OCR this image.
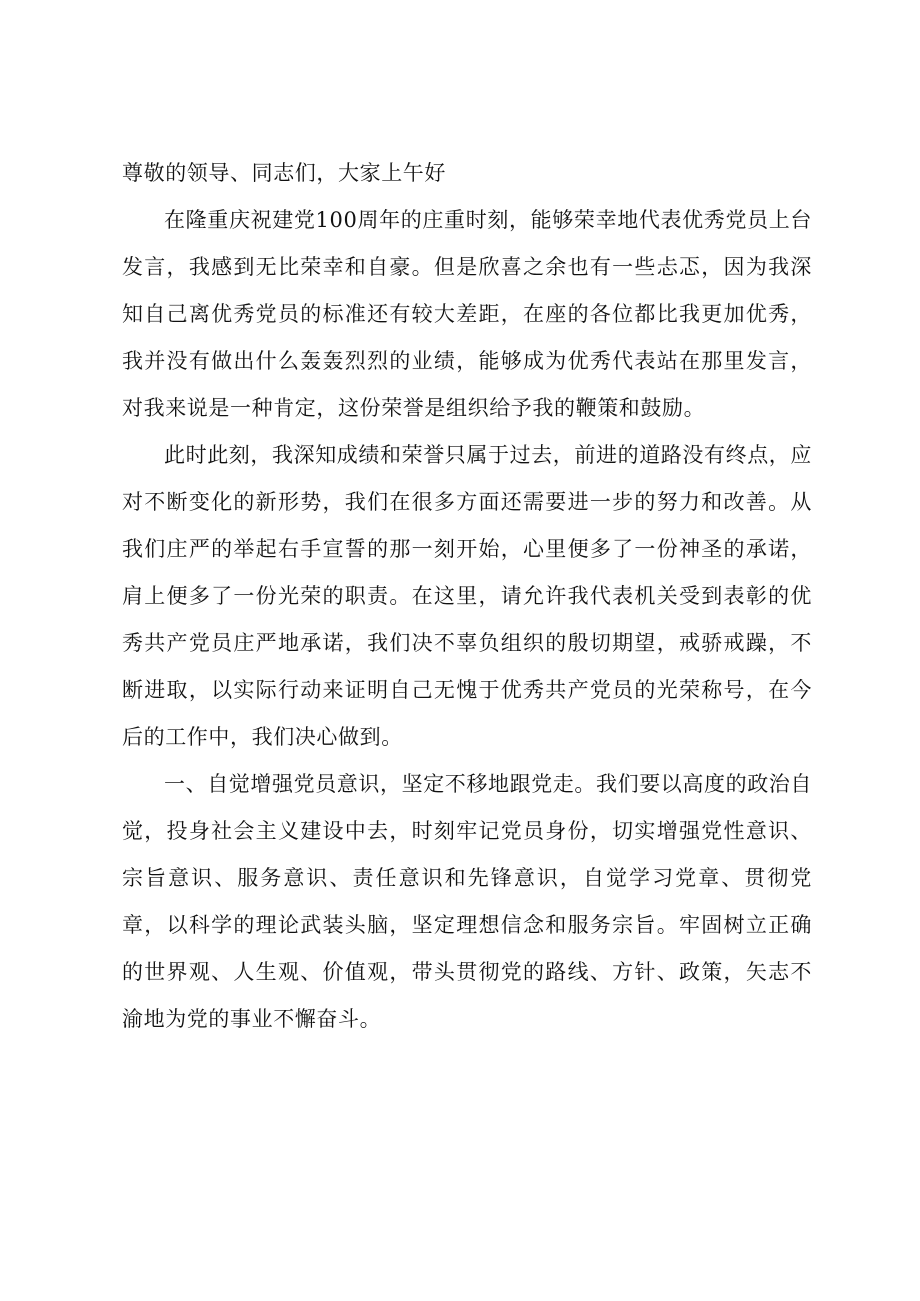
尊敬的领导、同志们，大家上午好

在隆重庆祝建党100周年的庄重时刻，能够荣幸地代表优秀党员上台发言，我感到无比荣幸和自豪。但是欣喜之余也有一些忐忑，因为我深知自己离优秀党员的标准还有较大差距，在座的各位都比我更加优秀，我并没有做出什么轰轰烈烈的业绩，能够成为优秀代表站在那里发言，对我来说是一种肯定，这份荣誉是组织给予我的鞭策和鼓励。

此时此刻，我深知成绩和荣誉只属于过去，前进的道路没有终点，应对不断变化的新形势，我们在很多方面还需要进一步的努力和改善。从我们庄严的举起右手宣誓的那一刻开始，心里便多了一份神圣的承诺，肩上便多了一份光荣的职责。在这里，请允许我代表机关受到表彰的优秀共产党员庄严地承诺，我们决不辜负组织的殷切期望，戒骄戒躁，不断进取，以实际行动来证明自己无愧于优秀共产党员的光荣称号，在今后的工作中，我们决心做到。

一、自觉增强党员意识，坚定不移地跟党走。我们要以高度的政治自觉，投身社会主义建设中去，时刻牢记党员身份，切实增强党性意识、宗旨意识、服务意识、责任意识和先锋意识，自觉学习党章、贯彻党章，以科学的理论武装头脑，坚定理想信念和服务宗旨。牢固树立正确的世界观、人生观、价值观，带头贯彻党的路线、方针、政策，矢志不渝地为党的事业不懈奋斗。
